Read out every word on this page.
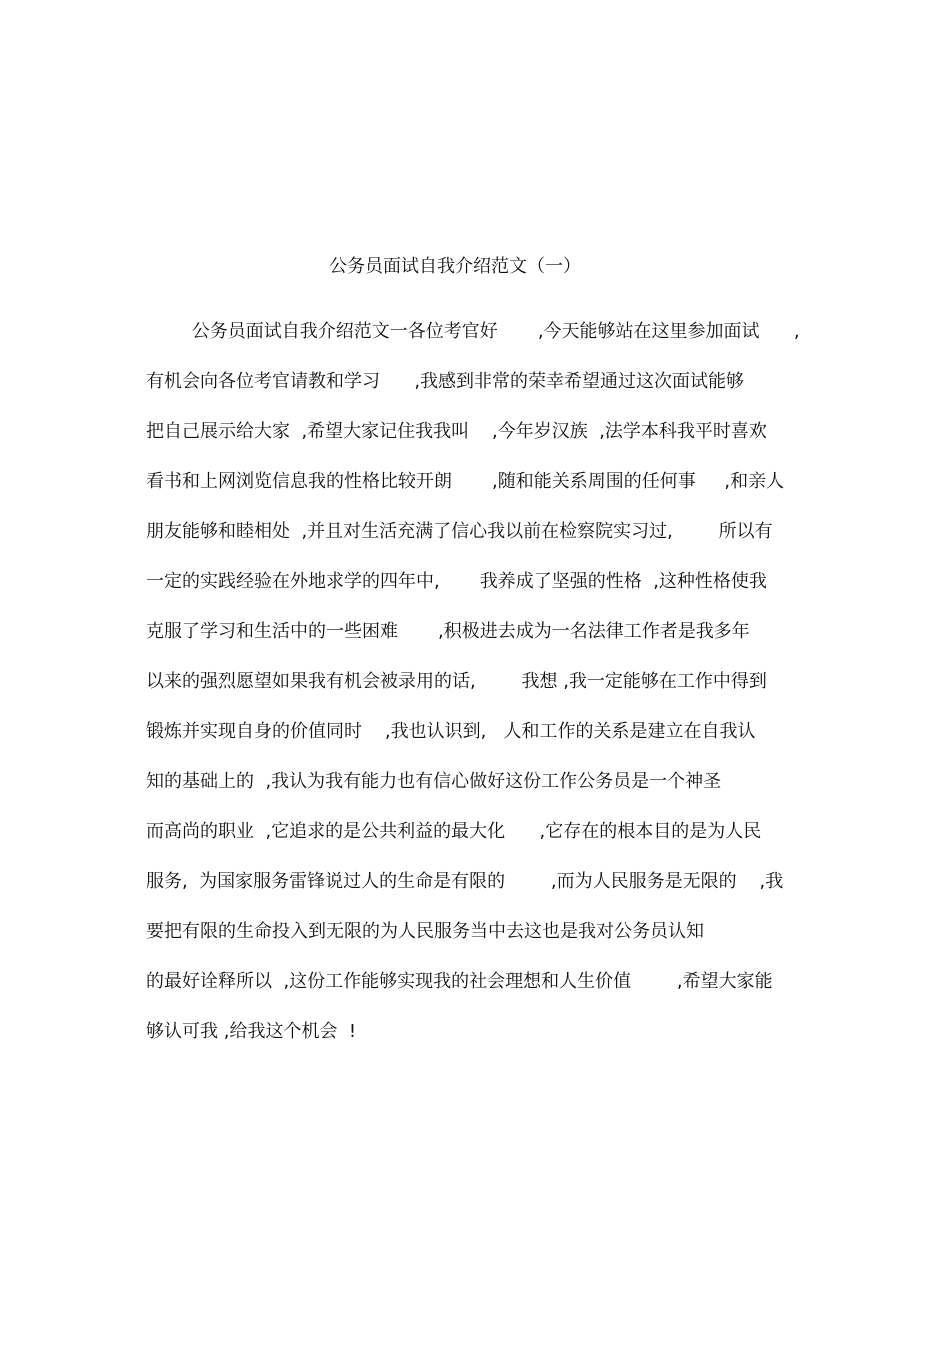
公务员面试自我介绍范文（一）
公务员面试自我介绍范文一各位考官好       ,今天能够站在这里参加面试      ,
有机会向各位考官请教和学习      ,我感到非常的荣幸希望通过这次面试能够
把自己展示给大家  ,希望大家记住我我叫    ,今年岁汉族  ,法学本科我平时喜欢
看书和上网浏览信息我的性格比较开朗       ,随和能关系周围的任何事     ,和亲人
朋友能够和睦相处  ,并且对生活充满了信心我以前在检察院实习过,        所以有
一定的实践经验在外地求学的四年中,       我养成了坚强的性格  ,这种性格使我
克服了学习和生活中的一些困难       ,积极进去成为一名法律工作者是我多年
以来的强烈愿望如果我有机会被录用的话,        我想 ,我一定能够在工作中得到
锻炼并实现自身的价值同时    ,我也认识到,   人和工作的关系是建立在自我认
知的基础上的  ,我认为我有能力也有信心做好这份工作公务员是一个神圣
而高尚的职业  ,它追求的是公共利益的最大化      ,它存在的根本目的是为人民
服务,  为国家服务雷锋说过人的生命是有限的        ,而为人民服务是无限的    ,我
要把有限的生命投入到无限的为人民服务当中去这也是我对公务员认知
的最好诠释所以  ,这份工作能够实现我的社会理想和人生价值        ,希望大家能
够认可我 ,给我这个机会  !
